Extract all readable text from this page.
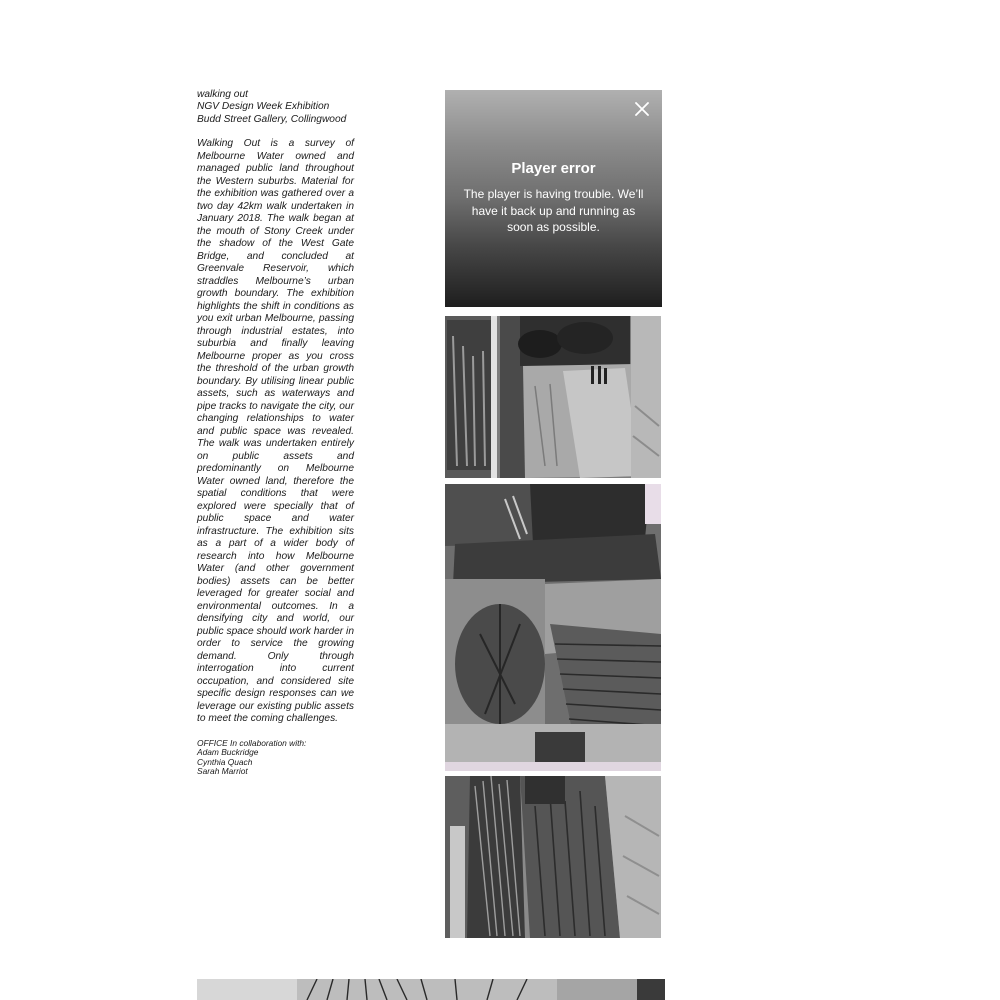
walking out
NGV Design Week Exhibition
Budd Street Gallery, Collingwood
Walking Out is a survey of Melbourne Water owned and managed public land throughout the Western suburbs. Material for the exhibition was gathered over a two day 42km walk undertaken in January 2018. The walk began at the mouth of Stony Creek under the shadow of the West Gate Bridge, and concluded at Greenvale Reservoir, which straddles Melbourne’s urban growth boundary. The exhibition highlights the shift in conditions as you exit urban Melbourne, passing through industrial estates, into suburbia and finally leaving Melbourne proper as you cross the threshold of the urban growth boundary. By utilising linear public assets, such as waterways and pipe tracks to navigate the city, our changing relationships to water and public space was revealed. The walk was undertaken entirely on public assets and predominantly on Melbourne Water owned land, therefore the spatial conditions that were explored were specially that of public space and water infrastructure. The exhibition sits as a part of a wider body of research into how Melbourne Water (and other government bodies) assets can be better leveraged for greater social and environmental outcomes. In a densifying city and world, our public space should work harder in order to service the growing demand. Only through interrogation into current occupation, and considered site specific design responses can we leverage our existing public assets to meet the coming challenges.
OFFICE In collaboration with:
Adam Buckridge
Cynthia Quach
Sarah Marriot
Player error
The player is having trouble. We’ll have it back up and running as soon as possible.
